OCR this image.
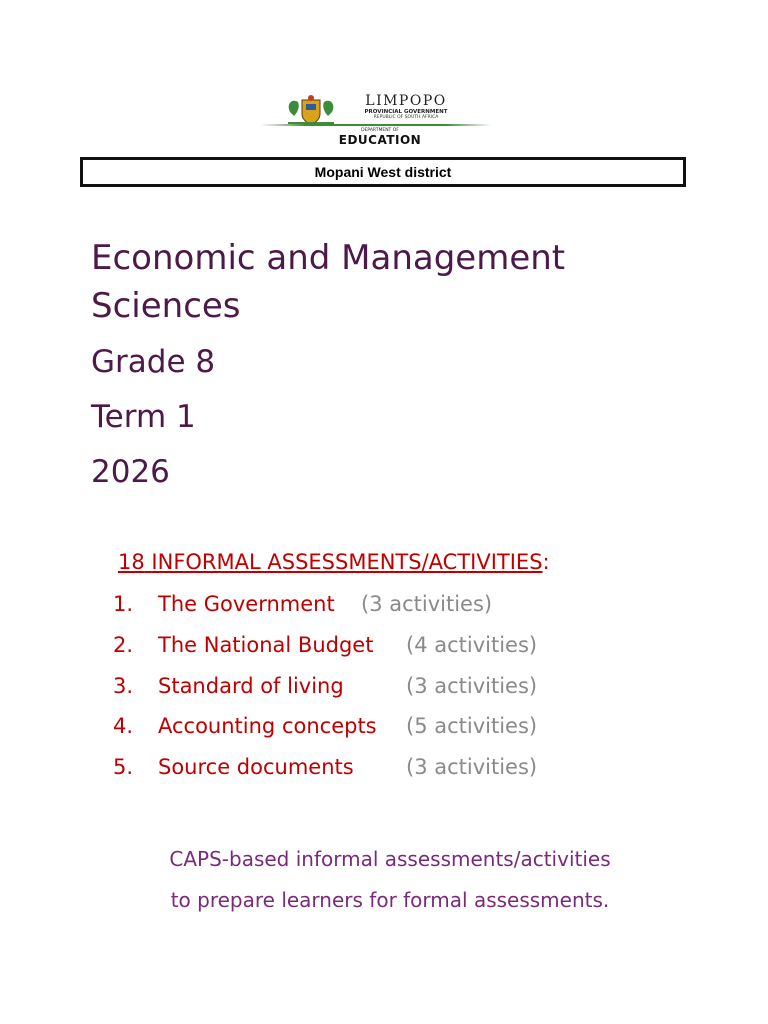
LIMPOPO
PROVINCIAL GOVERNMENT
REPUBLIC OF SOUTH AFRICA
DEPARTMENT OF
EDUCATION
Mopani West district
Economic and Management Sciences
Grade 8
Term 1
2026
18 INFORMAL ASSESSMENTS/ACTIVITIES:
1. The Government (3 activities)
2. The National Budget (4 activities)
3. Standard of living	(3 activities)
4. Accounting concepts (5 activities)
5. Source documents (3 activities)
CAPS-based informal assessments/activities
to prepare learners for formal assessments.
